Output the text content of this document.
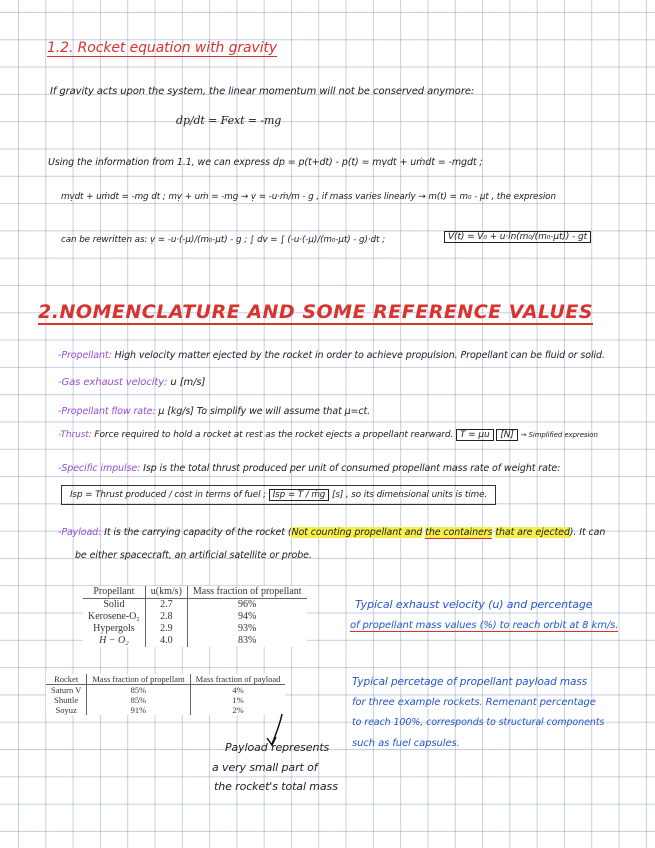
1.2. Rocket equation with gravity
If gravity acts upon the system, the linear momentum will not be conserved anymore:
dp/dt = Fext = -mg
Using the information from 1.1, we can express dp = p(t+dt) - p(t) = mṿdt + uṁdt = -mgdt ;
mṿdt + uṁdt = -mg dt ; mṿ + uṁ = -mg → ṿ = -u·ṁ/m - g , if mass varies linearly → m(t) = m₀ - μt , the expresion
can be rewritten as: ṿ = -u·(-μ)/(m₀-μt) - g ; ∫ dv = ∫ (-u·(-μ)/(m₀-μt) - g)·dt ;	V(t) = V₀ + u·ln(m₀/(m₀-μt)) - gt
2.NOMENCLATURE AND SOME REFERENCE VALUES
-Propellant: High velocity matter ejected by the rocket in order to achieve propulsion. Propellant can be fluid or solid.
-Gas exhaust velocity: u [m/s]
-Propellant flow rate: μ [kg/s] To simplify we will assume that μ=ct.
-Thrust: Force required to hold a rocket at rest as the rocket ejects a propellant rearward. T = μu [N] → Simplified expresion
-Specific impulse: Isp is the total thrust produced per unit of consumed propellant mass rate of weight rate:
Isp = Thrust produced / cost in terms of fuel ; Isp = T / ṁg [s] , so its dimensional units is time.
-Payload: It is the carrying capacity of the rocket (Not counting propellant and the containers that are ejected). It can
be either spacecraft, an artificial satellite or probe.
Propellant	u(km/s)	Mass fraction of propellant
Solid	2.7	96%
Kerosene-O₂	2.8	94%
Hypergols	2.9	93%
H − O₂	4.0	83%
Typical exhaust velocity (u) and percentage
of propellant mass values (%) to reach orbit at 8 km/s.
Rocket	Mass fraction of propellant	Mass fraction of payload
Saturn V	85%	4%
Shuttle	85%	1%
Soyuz	91%	2%
Typical percetage of propellant payload mass
for three example rockets. Remenant percentage
to reach 100%, corresponds to structural components
such as fuel capsules.
Payload represents
a very small part of
the rocket's total mass
